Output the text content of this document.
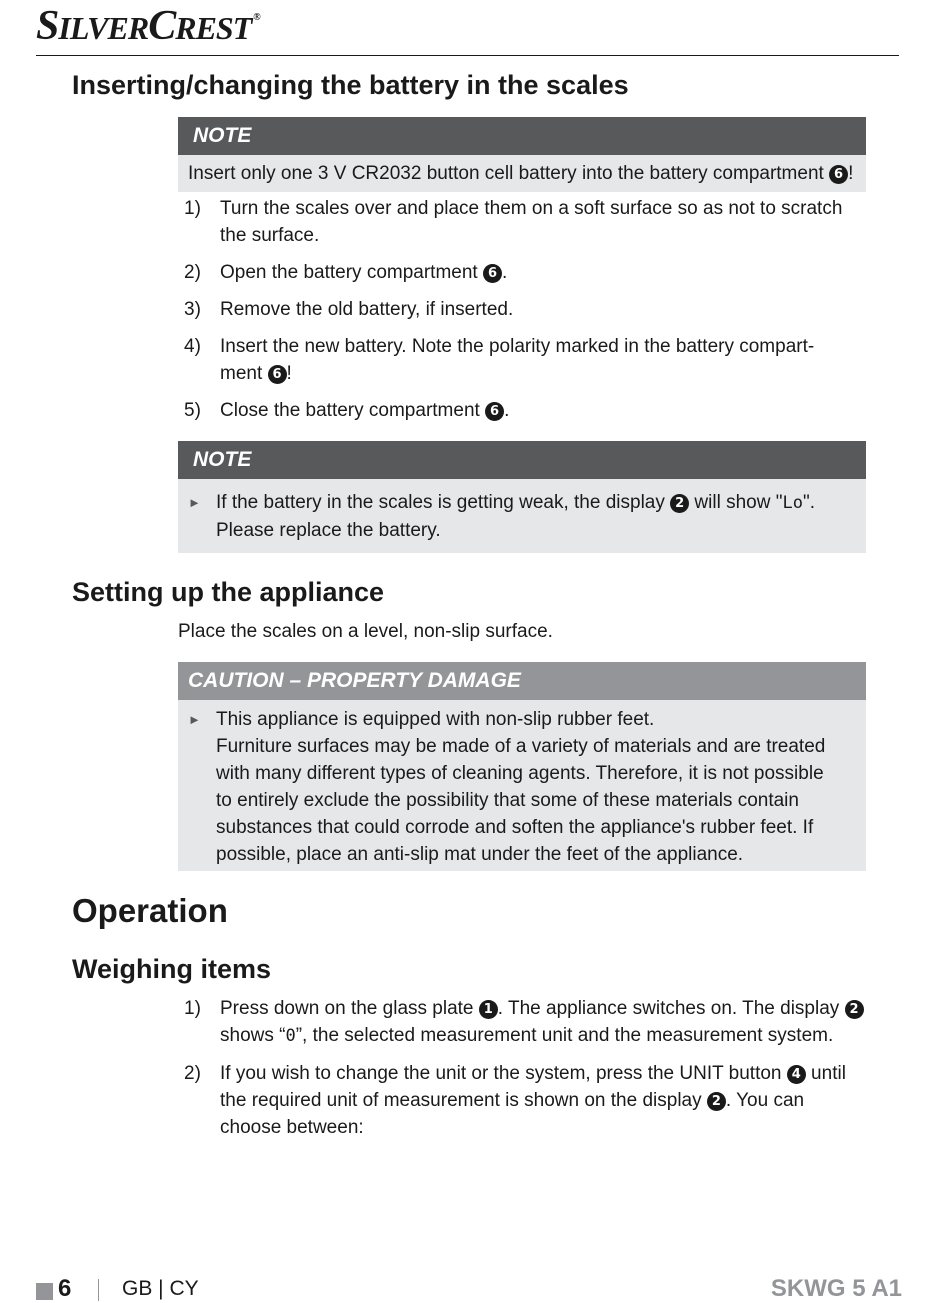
SILVERCREST ®
Inserting/changing the battery in the scales
NOTE
Insert only one 3 V CR2032 button cell battery into the battery compartment 6 !
1) Turn the scales over and place them on a soft surface so as not to scratch
the surface.
2) Open the battery compartment 6 .
3) Remove the old battery, if inserted.
4) Insert the new battery. Note the polarity marked in the battery compart-
ment 6 !
5) Close the battery compartment 6 .
NOTE
► If the battery in the scales is getting weak, the display 2 will show "Lo".
Please replace the battery.
Setting up the appliance
Place the scales on a level, non-slip surface.
CAUTION – PROPERTY DAMAGE
► This appliance is equipped with non-slip rubber feet.
Furniture surfaces may be made of a variety of materials and are treated
with many different types of cleaning agents. Therefore, it is not possible
to entirely exclude the possibility that some of these materials contain
substances that could corrode and soften the appliance's rubber feet. If
possible, place an anti-slip mat under the feet of the appliance.
Operation
Weighing items
1) Press down on the glass plate 1 . The appliance switches on. The display 2
shows “0”, the selected measurement unit and the measurement system.
2) If you wish to change the unit or the system, press the UNIT button 4 until
the required unit of measurement is shown on the display 2 . You can
choose between:
6 GB | CY	SKWG 5 A1
